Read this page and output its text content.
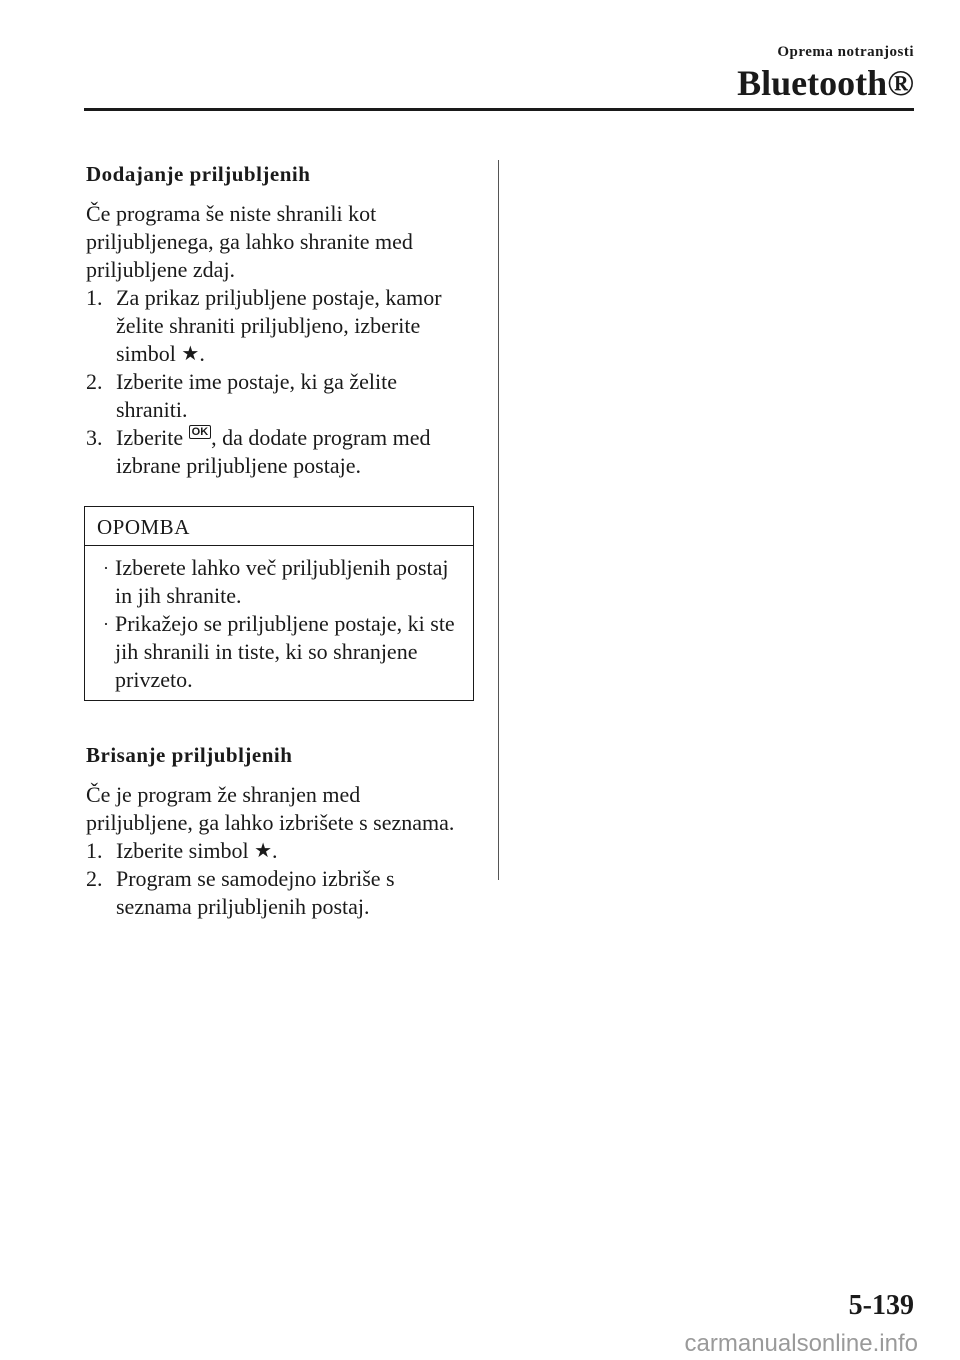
Oprema notranjosti
Bluetooth®
Dodajanje priljubljenih

Če programa še niste shranili kot priljubljenega, ga lahko shranite med priljubljene zdaj.

1. Za prikaz priljubljene postaje, kamor želite shraniti priljubljeno, izberite simbol ★.
2. Izberite ime postaje, ki ga želite shraniti.
3. Izberite OK , da dodate program med izbrane priljubljene postaje.
OPOMBA
· Izberete lahko več priljubljenih postaj in jih shranite.
· Prikažejo se priljubljene postaje, ki ste jih shranili in tiste, ki so shranjene privzeto.
Brisanje priljubljenih

Če je program že shranjen med priljubljene, ga lahko izbrišete s seznama.

1. Izberite simbol ★.
2. Program se samodejno izbriše s seznama priljubljenih postaj.
5-139
carmanualsonline.info
